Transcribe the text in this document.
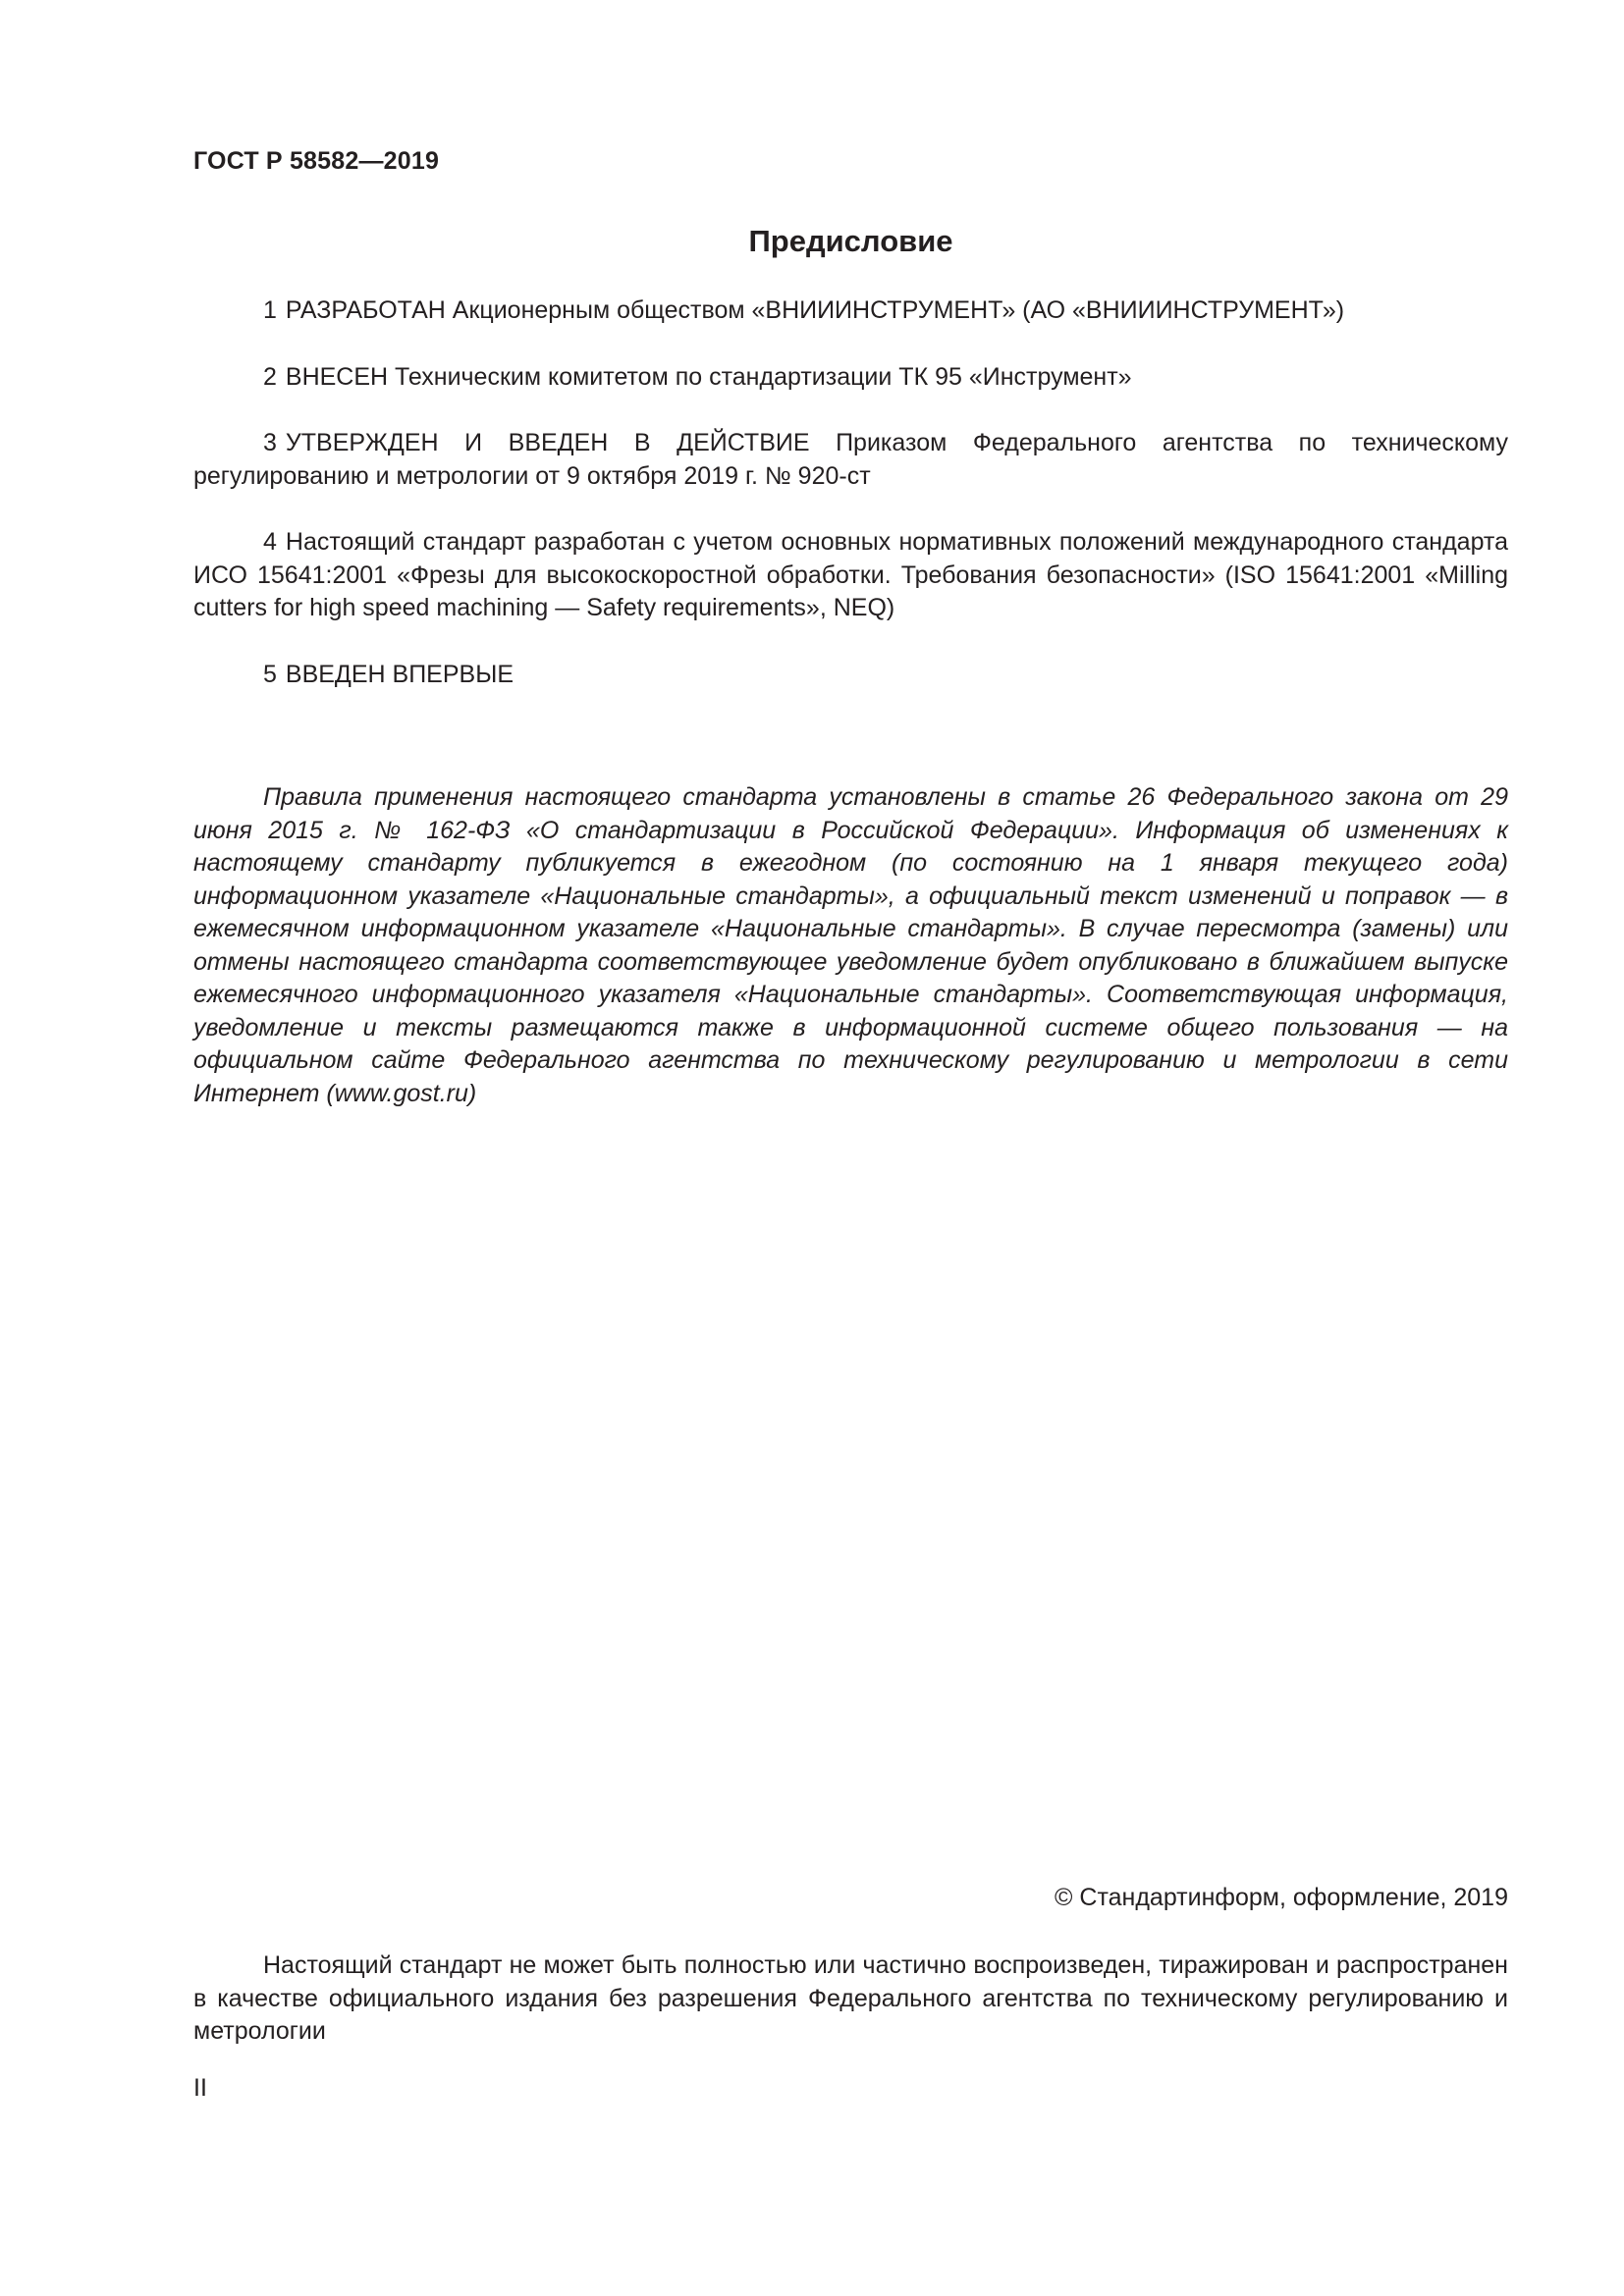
ГОСТ Р 58582—2019
Предисловие

1 РАЗРАБОТАН Акционерным обществом «ВНИИИНСТРУМЕНТ» (АО «ВНИИИНСТРУМЕНТ»)

2 ВНЕСЕН Техническим комитетом по стандартизации ТК 95 «Инструмент»

3 УТВЕРЖДЕН И ВВЕДЕН В ДЕЙСТВИЕ Приказом Федерального агентства по техническому регулированию и метрологии от 9 октября 2019 г. № 920-ст

4 Настоящий стандарт разработан с учетом основных нормативных положений международного стандарта ИСО 15641:2001 «Фрезы для высокоскоростной обработки. Требования безопасности» (ISO 15641:2001 «Milling cutters for high speed machining — Safety requirements», NEQ)

5 ВВЕДЕН ВПЕРВЫЕ

Правила применения настоящего стандарта установлены в статье 26 Федерального закона от 29 июня 2015 г. № 162-ФЗ «О стандартизации в Российской Федерации». Информация об изменениях к настоящему стандарту публикуется в ежегодном (по состоянию на 1 января текущего года) информационном указателе «Национальные стандарты», а официальный текст изменений и поправок — в ежемесячном информационном указателе «Национальные стандарты». В случае пересмотра (замены) или отмены настоящего стандарта соответствующее уведомление будет опубликовано в ближайшем выпуске ежемесячного информационного указателя «Национальные стандарты». Соответствующая информация, уведомление и тексты размещаются также в информационной системе общего пользования — на официальном сайте Федерального агентства по техническому регулированию и метрологии в сети Интернет (www.gost.ru)

© Стандартинформ, оформление, 2019

Настоящий стандарт не может быть полностью или частично воспроизведен, тиражирован и распространен в качестве официального издания без разрешения Федерального агентства по техническому регулированию и метрологии

II
